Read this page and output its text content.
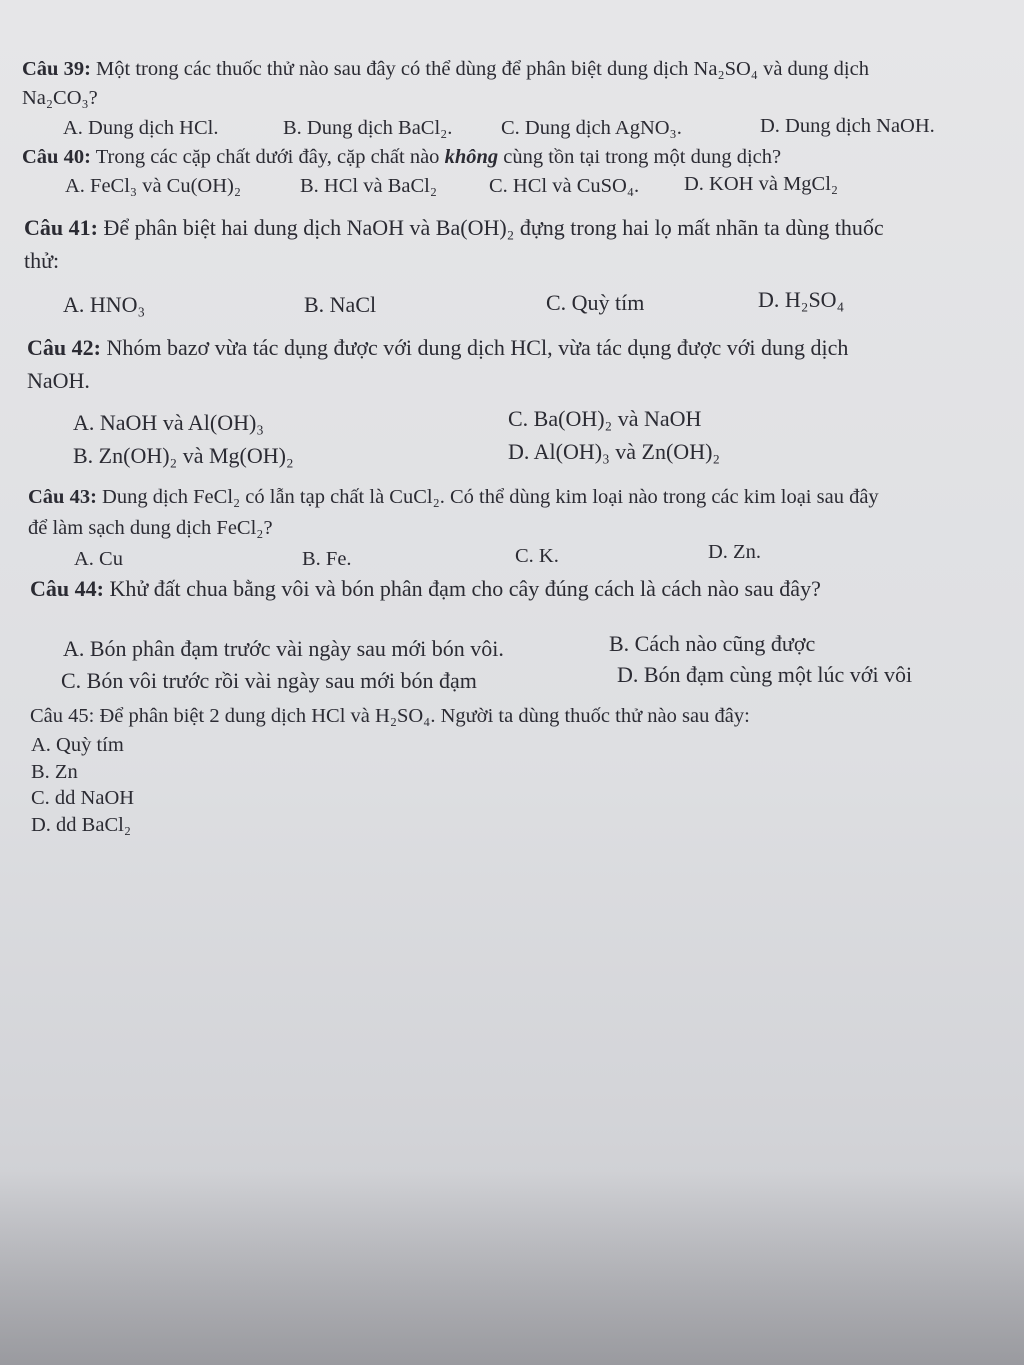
Câu 39: Một trong các thuốc thử nào sau đây có thể dùng để phân biệt dung dịch Na₂SO₄ và dung dịch
Na₂CO₃?
A. Dung dịch HCl.	B. Dung dịch BaCl₂. C. Dung dịch AgNO₃.	D. Dung dịch NaOH.
Câu 40: Trong các cặp chất dưới đây, cặp chất nào không cùng tồn tại trong một dung dịch?
A. FeCl₃ và Cu(OH)₂	B. HCl và BaCl₂	C. HCl và CuSO₄. D. KOH và MgCl₂
Câu 41: Để phân biệt hai dung dịch NaOH và Ba(OH)₂ đựng trong hai lọ mất nhãn ta dùng thuốc
thử:
A. HNO₃	B. NaCl	C. Quỳ tím	D. H₂SO₄
Câu 42: Nhóm bazơ vừa tác dụng được với dung dịch HCl, vừa tác dụng được với dung dịch
NaOH.
A. NaOH và Al(OH)₃	C. Ba(OH)₂ và NaOH
B. Zn(OH)₂ và Mg(OH)₂	D. Al(OH)₃ và Zn(OH)₂
Câu 43: Dung dịch FeCl₂ có lẫn tạp chất là CuCl₂. Có thể dùng kim loại nào trong các kim loại sau đây
để làm sạch dung dịch FeCl₂?
A. Cu	B. Fe.	C. K.	D. Zn.
Câu 44: Khử đất chua bằng vôi và bón phân đạm cho cây đúng cách là cách nào sau đây?
A. Bón phân đạm trước vài ngày sau mới bón vôi.	B. Cách nào cũng được
C. Bón vôi trước rồi vài ngày sau mới bón đạm	D. Bón đạm cùng một lúc với vôi
Câu 45: Để phân biệt 2 dung dịch HCl và H₂SO₄. Người ta dùng thuốc thử nào sau đây:
A. Quỳ tím
B. Zn
C. dd NaOH
D. dd BaCl₂
